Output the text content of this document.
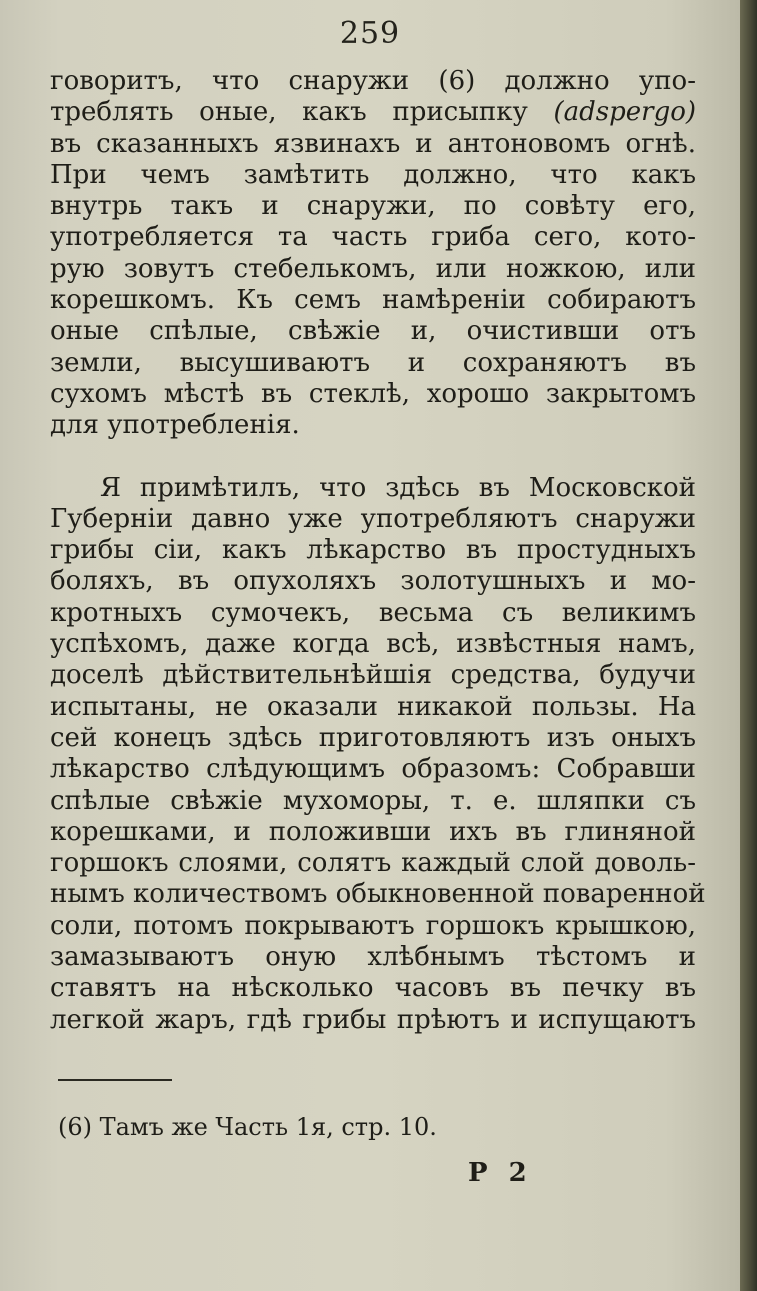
259
говоритъ, что снаружи (6) должно упо-
треблять оные, какъ присыпку (adspergo)
въ сказанныхъ язвинахъ и антоновомъ огнѣ.
При чемъ замѣтить должно, что какъ
внутрь такъ и снаружи, по совѣту его,
употребляется та часть гриба сего, кото-
рую зовутъ стебелькомъ, или ножкою, или
корешкомъ. Къ семъ намѣреніи собираютъ
оные спѣлые, свѣжіе и, очистивши отъ
земли, высушиваютъ и сохраняютъ въ
сухомъ мѣстѣ въ стеклѣ, хорошо закрытомъ
для употребленія.
Я примѣтилъ, что здѣсь въ Московской
Губерніи давно уже употребляютъ снаружи
грибы сіи, какъ лѣкарство въ простудныхъ
боляхъ, въ опухоляхъ золотушныхъ и мо-
кротныхъ сумочекъ, весьма съ великимъ
успѣхомъ, даже когда всѣ, извѣстныя намъ,
доселѣ дѣйствительнѣйшія средства, будучи
испытаны, не оказали никакой пользы. На
сей конецъ здѣсь приготовляютъ изъ оныхъ
лѣкарство слѣдующимъ образомъ: Собравши
спѣлые свѣжіе мухоморы, т. е. шляпки съ
корешками, и положивши ихъ въ глиняной
горшокъ слоями, солятъ каждый слой доволь-
нымъ количествомъ обыкновенной поваренной
соли, потомъ покрываютъ горшокъ крышкою,
замазываютъ оную хлѣбнымъ тѣстомъ и
ставятъ на нѣсколько часовъ въ печку въ
легкой жаръ, гдѣ грибы прѣютъ и испущаютъ
(6) Тамъ же Часть 1я, стр. 10.
Р 2
